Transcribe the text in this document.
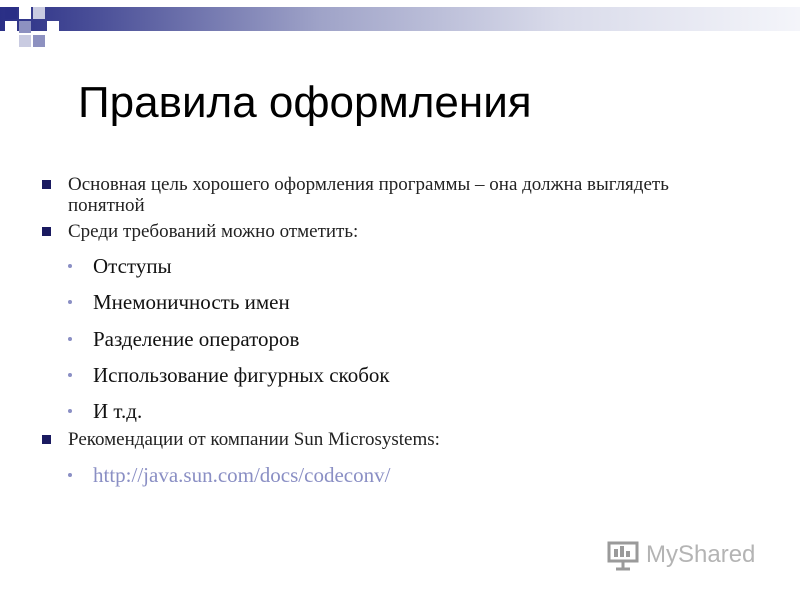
Правила оформления
Основная цель хорошего оформления программы – она должна выглядеть понятной
Среди требований можно отметить:
Отступы
Мнемоничность имен
Разделение операторов
Использование фигурных скобок
И т.д.
Рекомендации от компании Sun Microsystems:
http://java.sun.com/docs/codeconv/
MyShared
